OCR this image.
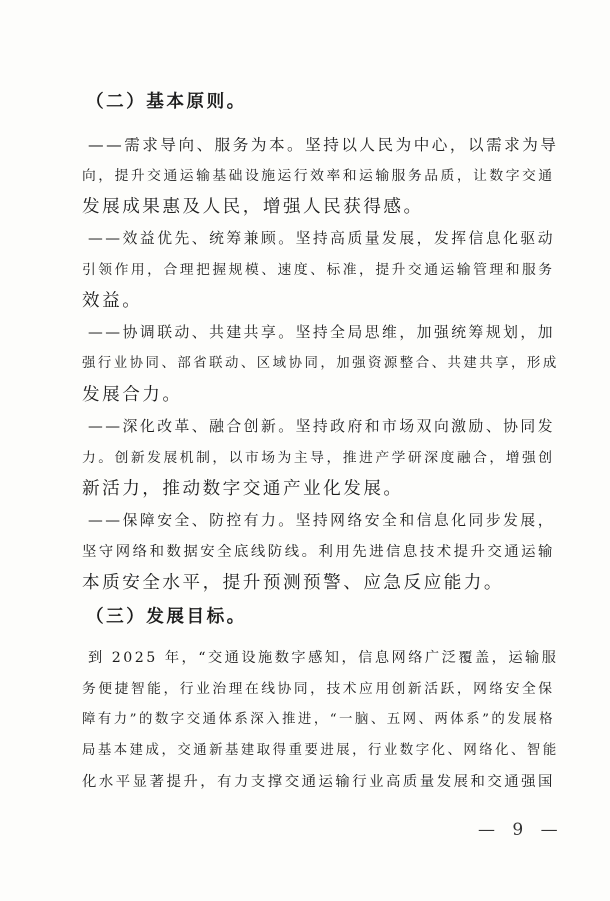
（二）基本原则。
——需求导向、服务为本。坚持以人民为中心，以需求为导
向，提升交通运输基础设施运行效率和运输服务品质，让数字交通
发展成果惠及人民，增强人民获得感。
——效益优先、统筹兼顾。坚持高质量发展，发挥信息化驱动
引领作用，合理把握规模、速度、标准，提升交通运输管理和服务
效益。
——协调联动、共建共享。坚持全局思维，加强统筹规划，加
强行业协同、部省联动、区域协同，加强资源整合、共建共享，形成
发展合力。
——深化改革、融合创新。坚持政府和市场双向激励、协同发
力。创新发展机制，以市场为主导，推进产学研深度融合，增强创
新活力，推动数字交通产业化发展。
——保障安全、防控有力。坚持网络安全和信息化同步发展，
坚守网络和数据安全底线防线。利用先进信息技术提升交通运输
本质安全水平，提升预测预警、应急反应能力。
（三）发展目标。
到 2025 年，“交通设施数字感知，信息网络广泛覆盖，运输服
务便捷智能，行业治理在线协同，技术应用创新活跃，网络安全保
障有力”的数字交通体系深入推进，“一脑、五网、两体系”的发展格
局基本建成，交通新基建取得重要进展，行业数字化、网络化、智能
化水平显著提升，有力支撑交通运输行业高质量发展和交通强国
— 9 —
